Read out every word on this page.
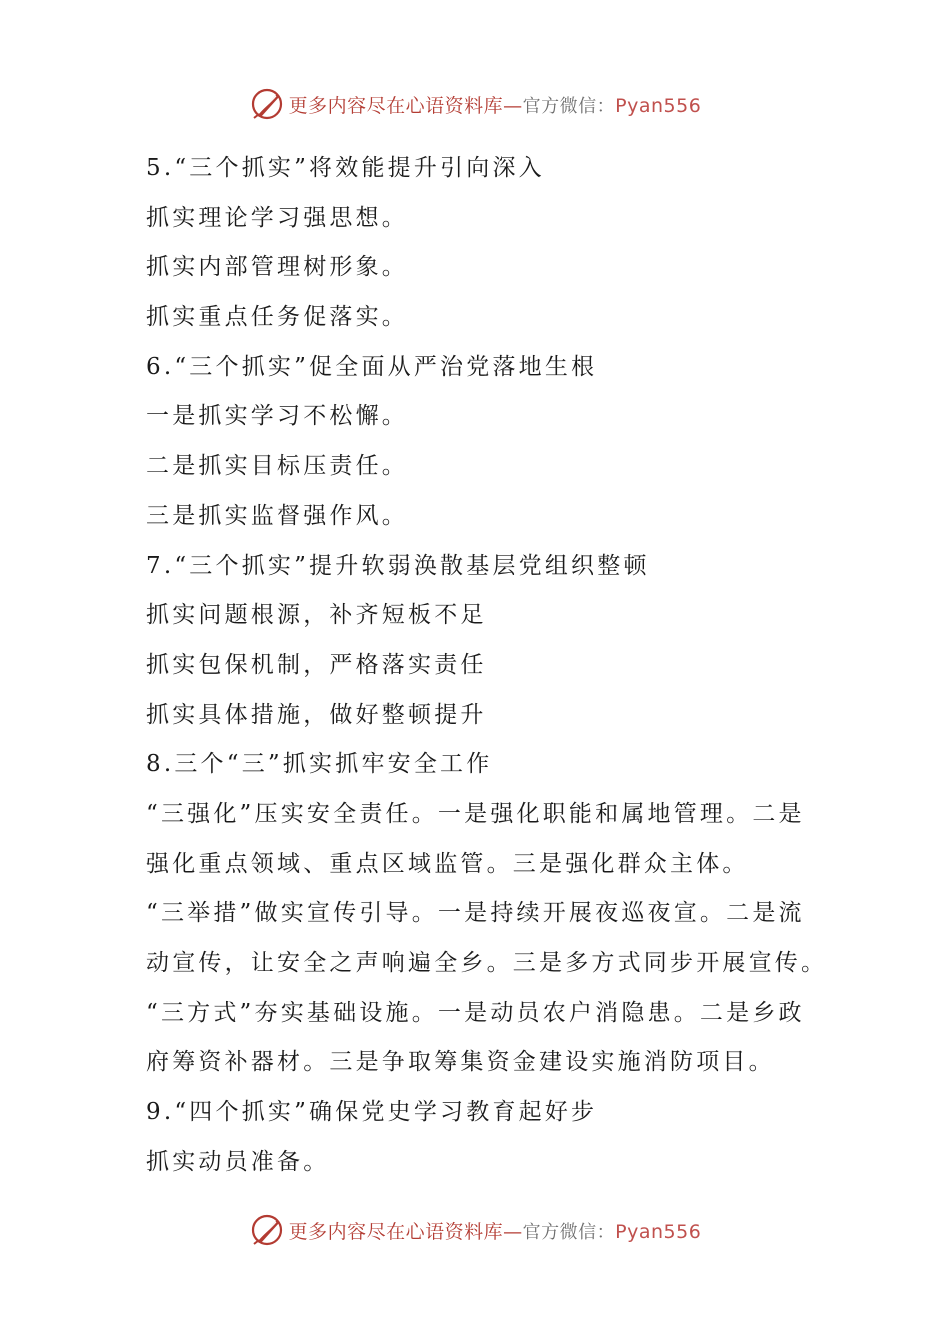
更多内容尽在心语资料库—官方微信：Pyan556
5.“三个抓实”将效能提升引向深入
抓实理论学习强思想。
抓实内部管理树形象。
抓实重点任务促落实。
6.“三个抓实”促全面从严治党落地生根
一是抓实学习不松懈。
二是抓实目标压责任。
三是抓实监督强作风。
7.“三个抓实”提升软弱涣散基层党组织整顿
抓实问题根源，补齐短板不足
抓实包保机制，严格落实责任
抓实具体措施，做好整顿提升
8.三个“三”抓实抓牢安全工作
“三强化”压实安全责任。一是强化职能和属地管理。二是
强化重点领域、重点区域监管。三是强化群众主体。
“三举措”做实宣传引导。一是持续开展夜巡夜宣。二是流
动宣传，让安全之声响遍全乡。三是多方式同步开展宣传。
“三方式”夯实基础设施。一是动员农户消隐患。二是乡政
府筹资补器材。三是争取筹集资金建设实施消防项目。
9.“四个抓实”确保党史学习教育起好步
抓实动员准备。
更多内容尽在心语资料库—官方微信：Pyan556
